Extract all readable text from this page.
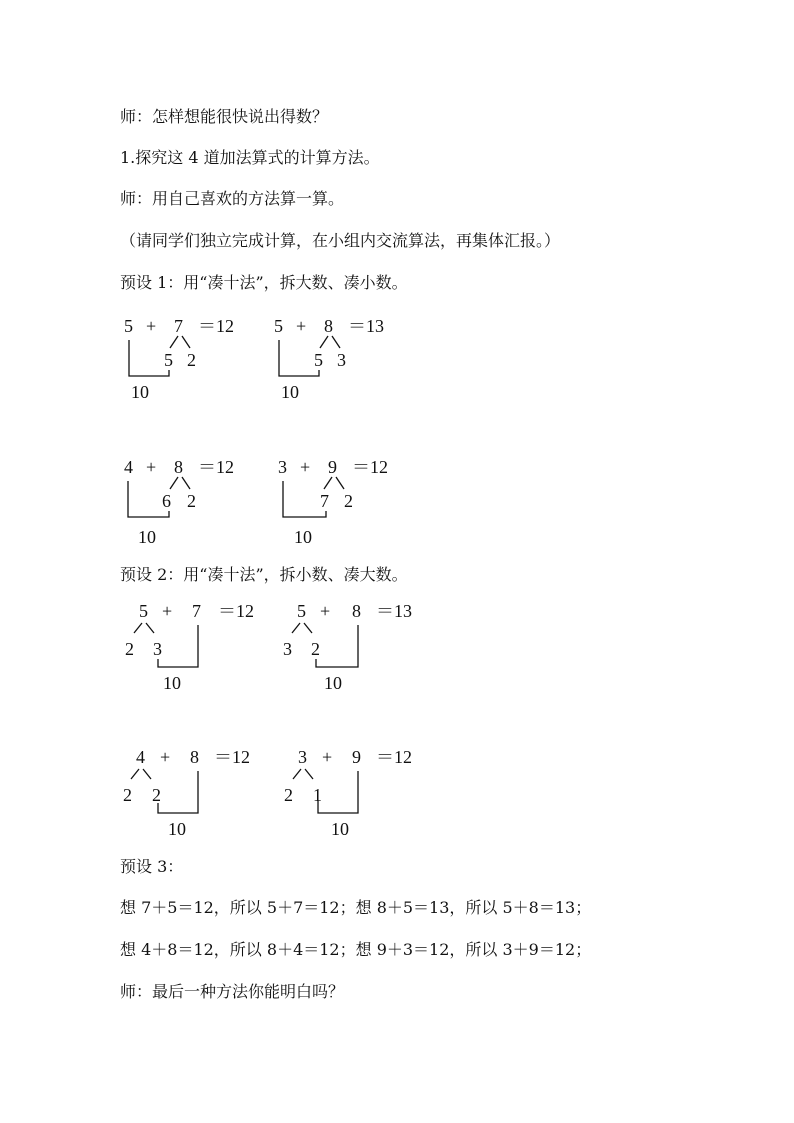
师：怎样想能很快说出得数？
1.探究这 4 道加法算式的计算方法。
师：用自己喜欢的方法算一算。
（请同学们独立完成计算，在小组内交流算法，再集体汇报。）
预设 1：用“凑十法”，拆大数、凑小数。
5 + 7 ＝12
5 2
10
5 + 8 ＝13
5 3
10
4 + 8 ＝12
6 2
10
3 + 9 ＝12
7 2
10
预设 2：用“凑十法”，拆小数、凑大数。
5 + 7 ＝12
2 3
10
5 + 8 ＝13
3 2
10
4 + 8 ＝12
2 2
10
3 + 9 ＝12
2 1
10
预设 3：
想 7＋5＝12，所以 5＋7＝12；想 8＋5＝13，所以 5＋8＝13；
想 4＋8＝12，所以 8＋4＝12；想 9＋3＝12，所以 3＋9＝12；
师：最后一种方法你能明白吗？
